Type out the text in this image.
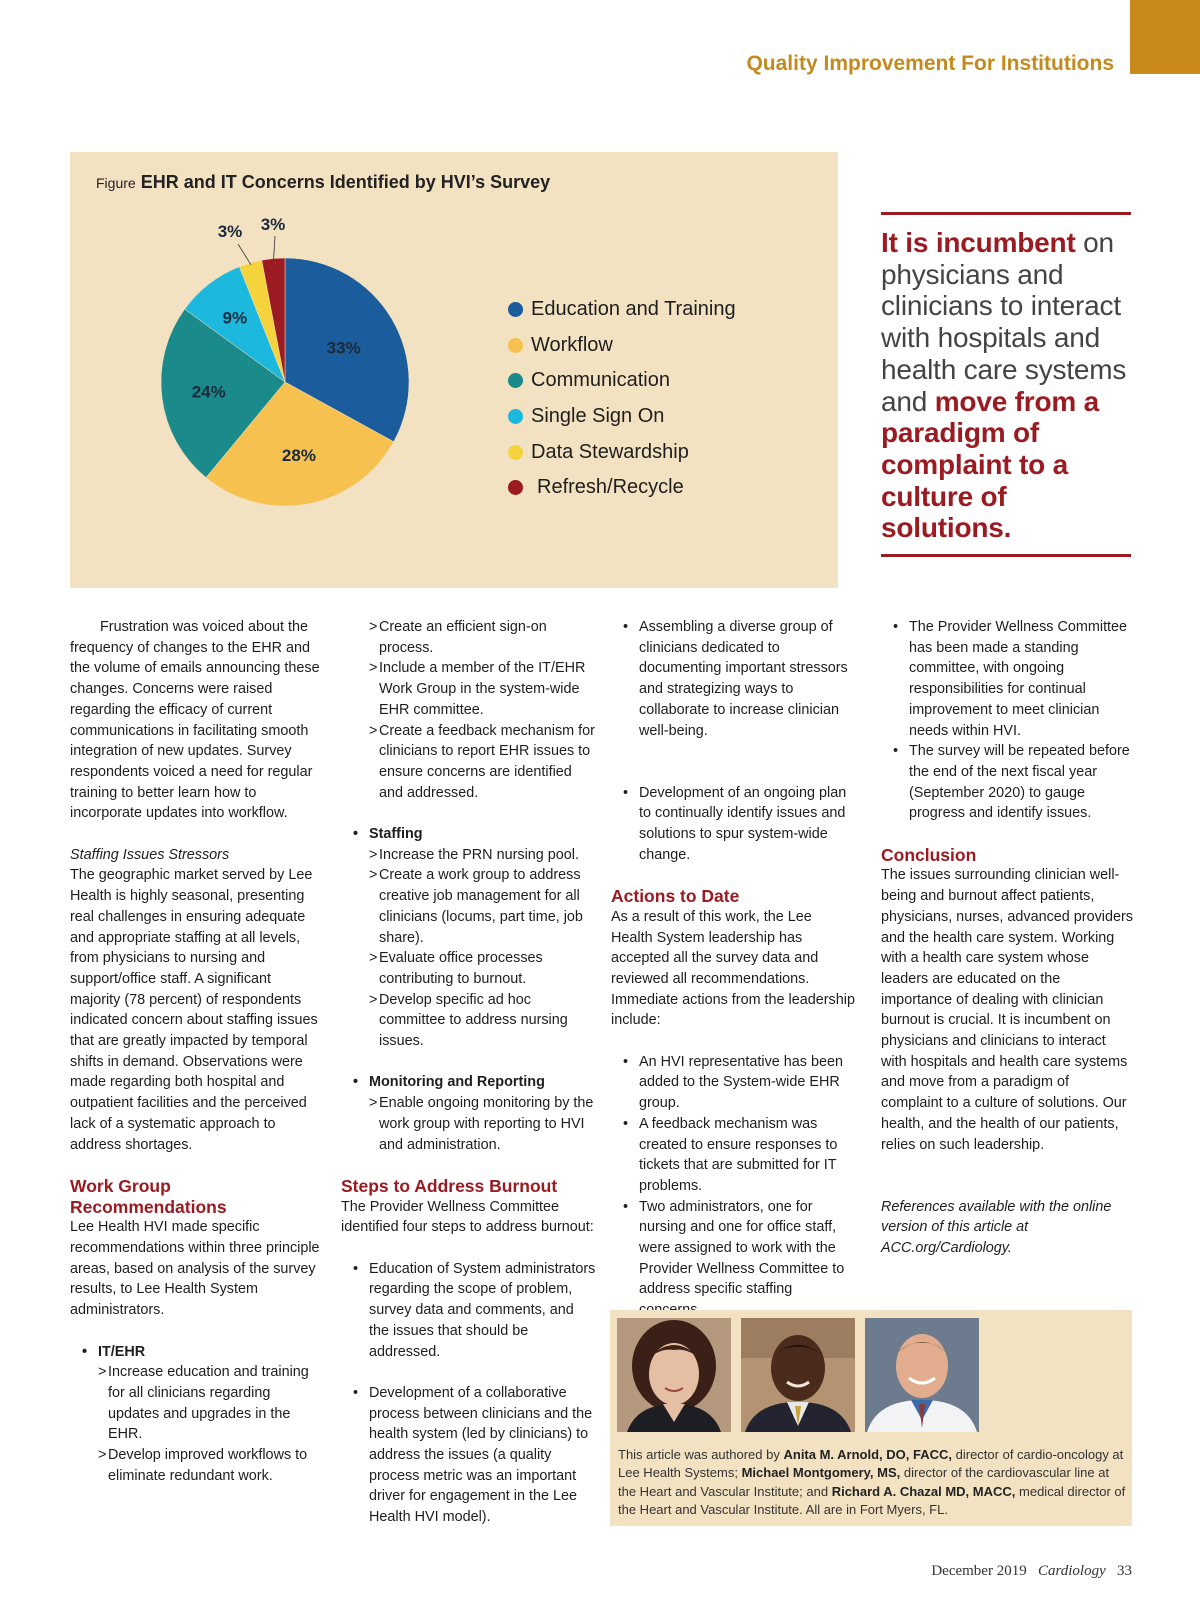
Quality Improvement For Institutions
Figure EHR and IT Concerns Identified by HVI’s Survey
33%
28%
24%
9%
3% 3%
Education and Training
Workflow
Communication
Single Sign On
Data Stewardship
Refresh/Recycle

It is incumbent on physicians and clinicians to interact with hospitals and health care systems and move from a paradigm of complaint to a culture of solutions.

Frustration was voiced about the frequency of changes to the EHR and the volume of emails announcing these changes. Concerns were raised regarding the efficacy of current communications in facilitating smooth integration of new updates. Survey respondents voiced a need for regular training to better learn how to incorporate updates into workflow.

Staffing Issues Stressors

The geographic market served by Lee Health is highly seasonal, presenting real challenges in ensuring adequate and appropriate staffing at all levels, from physicians to nursing and support/office staff. A significant majority (78 percent) of respondents indicated concern about staffing issues that are greatly impacted by temporal shifts in demand. Observations were made regarding both hospital and outpatient facilities and the perceived lack of a systematic approach to address shortages.

Work Group Recommendations

Lee Health HVI made specific recommendations within three principle areas, based on analysis of the survey results, to Lee Health System administrators.

• IT/EHR
> Increase education and training for all clinicians regarding updates and upgrades in the EHR.
> Develop improved workflows to eliminate redundant work.
> Create an efficient sign-on process.
> Include a member of the IT/EHR Work Group in the system-wide EHR committee.
> Create a feedback mechanism for clinicians to report EHR issues to ensure concerns are identified and addressed.
• Staffing
> Increase the PRN nursing pool.
> Create a work group to address creative job management for all clinicians (locums, part time, job share).
> Evaluate office processes contributing to burnout.
> Develop specific ad hoc committee to address nursing issues.
• Monitoring and Reporting
> Enable ongoing monitoring by the work group with reporting to HVI and administration.

Steps to Address Burnout

The Provider Wellness Committee identified four steps to address burnout:

• Education of System administrators regarding the scope of problem, survey data and comments, and the issues that should be addressed.
• Development of a collaborative process between clinicians and the health system (led by clinicians) to address the issues (a quality process metric was an important driver for engagement in the Lee Health HVI model).
• Assembling a diverse group of clinicians dedicated to documenting important stressors and strategizing ways to collaborate to increase clinician well-being.
• Development of an ongoing plan to continually identify issues and solutions to spur system-wide change.

Actions to Date

As a result of this work, the Lee Health System leadership has accepted all the survey data and reviewed all recommendations. Immediate actions from the leadership include:

• An HVI representative has been added to the System-wide EHR group.
• A feedback mechanism was created to ensure responses to tickets that are submitted for IT problems.
• Two administrators, one for nursing and one for office staff, were assigned to work with the Provider Wellness Committee to address specific staffing
• The Provider Wellness Committee has been made a standing committee, with ongoing responsibilities for continual improvement to meet clinician needs within HVI.
• The survey will be repeated before the end of the next fiscal year (September 2020) to gauge progress and identify issues.

Conclusion

The issues surrounding clinician well-being and burnout affect patients, physicians, nurses, advanced providers and the health care system. Working with a health care system whose leaders are educated on the importance of dealing with clinician burnout is crucial. It is incumbent on physicians and clinicians to interact with hospitals and health care systems and move from a paradigm of complaint to a culture of solutions. Our health, and the health of our patients, relies on such leadership.

References available with the online version of this article at ACC.org/Cardiology.

This article was authored by Anita M. Arnold, DO, FACC, director of cardio-oncology at Lee Health Systems; Michael Montgomery, MS, director of the cardiovascular line at the Heart and Vascular Institute; and Richard A. Chazal MD, MACC, medical director of the Heart and Vascular Institute. All are in Fort Myers, FL.
December 2019 Cardiology 33
